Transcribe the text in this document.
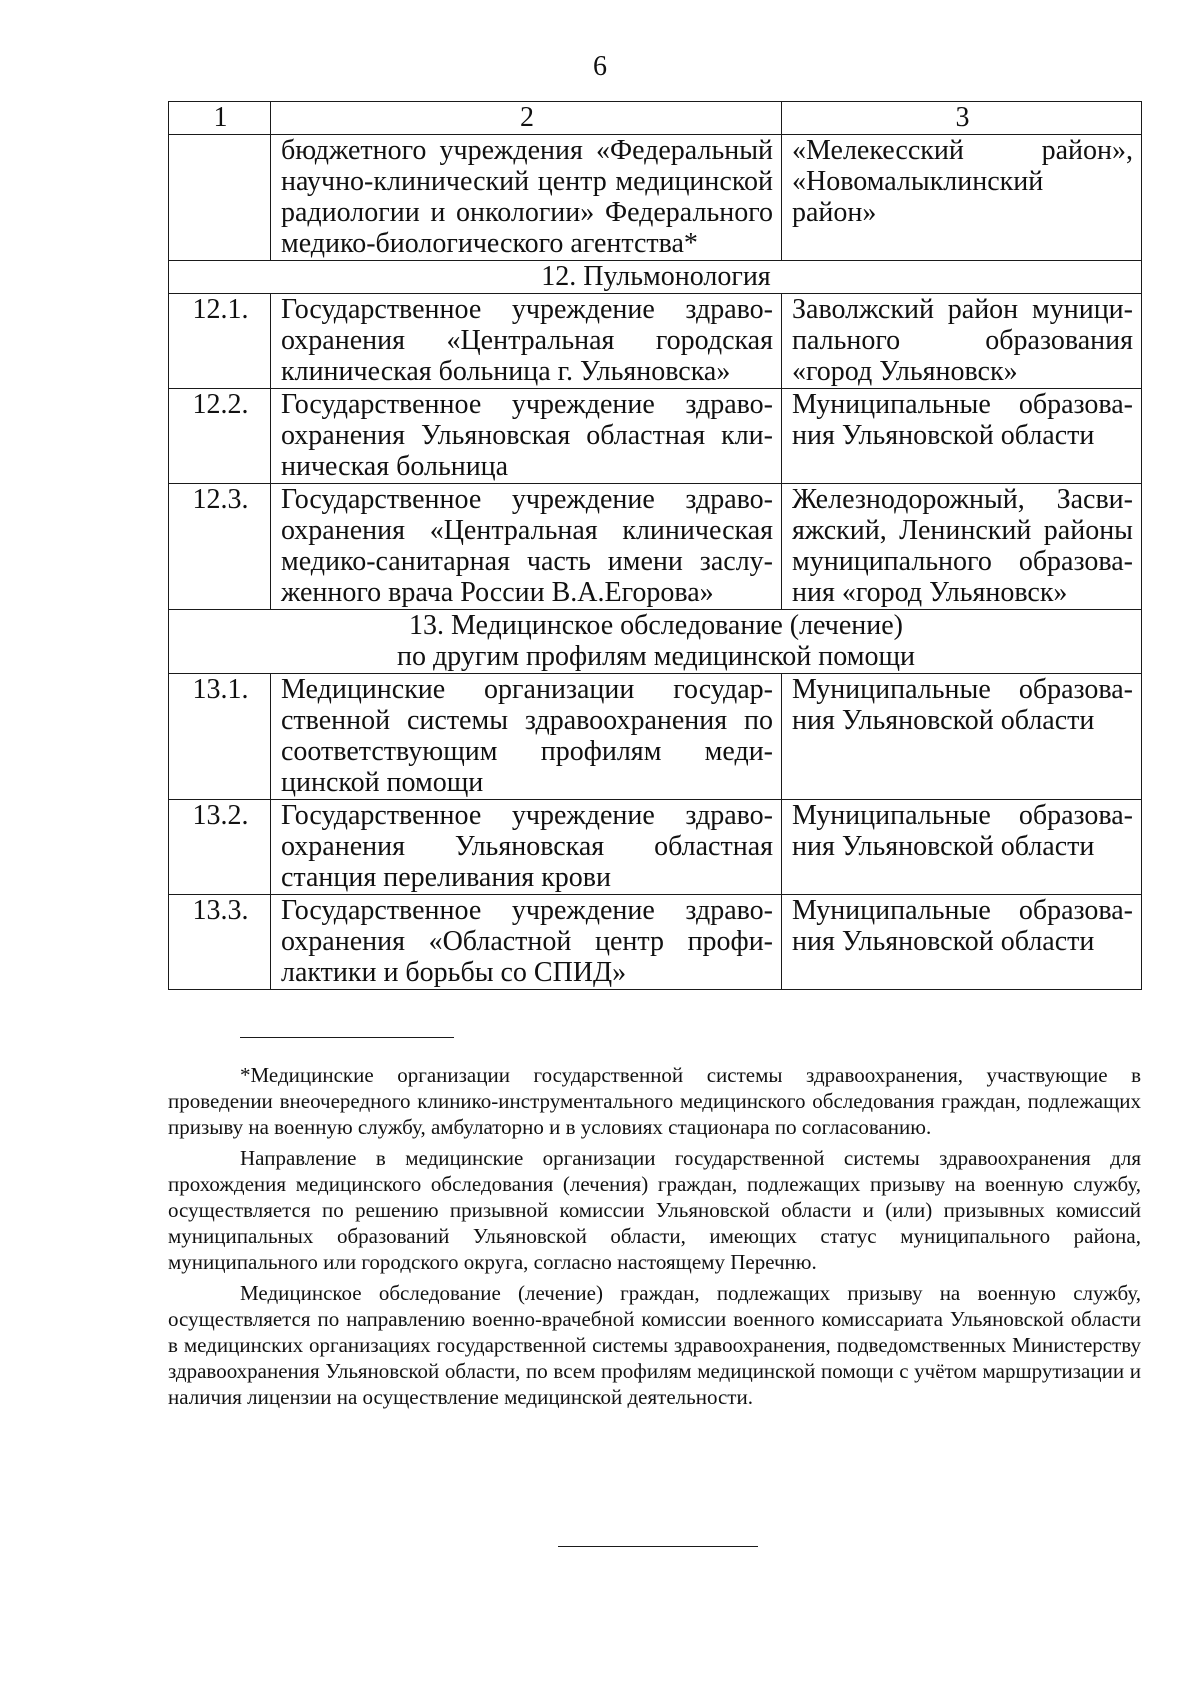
6
1	2	3
	бюджетного учреждения «Федеральный научно-клинический центр медицинской радиологии и онкологии» Федерального медико-биологического агентства*	«Мелекесский район», «Новомалыклинский район»
12. Пульмонология		
12.1.	Государственное учреждение здраво-охранения «Центральная городская клиническая больница г. Ульяновска»	Заволжский район муници-пального образования «город Ульяновск»
12.2.	Государственное учреждение здраво-охранения Ульяновская областная кли-ническая больница	Муниципальные образова-ния Ульяновской области
12.3.	Государственное учреждение здраво-охранения «Центральная клиническая медико-санитарная часть имени заслу-женного врача России В.А.Егорова»	Железнодорожный, Засви-яжский, Ленинский районы муниципального образова-ния «город Ульяновск»

13. Медицинское обследование (лечение)
по другим профилям медицинской помощи		

13.1.	Медицинские организации государ-ственной системы здравоохранения по соответствующим профилям меди-цинской помощи	Муниципальные образова-ния Ульяновской области
13.2.	Государственное учреждение здраво-охранения Ульяновская областная станция переливания крови	Муниципальные образова-ния Ульяновской области
13.3.	Государственное учреждение здраво-охранения «Областной центр профи-лактики и борьбы со СПИД»	Муниципальные образова-ния Ульяновской области

*Медицинские организации государственной системы здравоохранения, участвующие в проведении внеочередного клинико-инструментального медицинского обследования граждан, подлежащих призыву на военную службу, амбулаторно и в условиях стационара по согласованию.

Направление в медицинские организации государственной системы здравоохранения для прохождения медицинского обследования (лечения) граждан, подлежащих призыву на военную службу, осуществляется по решению призывной комиссии Ульяновской области и (или) призывных комиссий муниципальных образований Ульяновской области, имеющих статус муниципального района, муниципального или городского округа, согласно настоящему Перечню.

Медицинское обследование (лечение) граждан, подлежащих призыву на военную службу, осуществляется по направлению военно-врачебной комиссии военного комиссариата Ульяновской области в медицинских организациях государственной системы здравоохранения, подведомственных Министерству здравоохранения Ульяновской области, по всем профилям медицинской помощи с учётом маршрутизации и наличия лицензии на осуществление медицинской деятельности.
